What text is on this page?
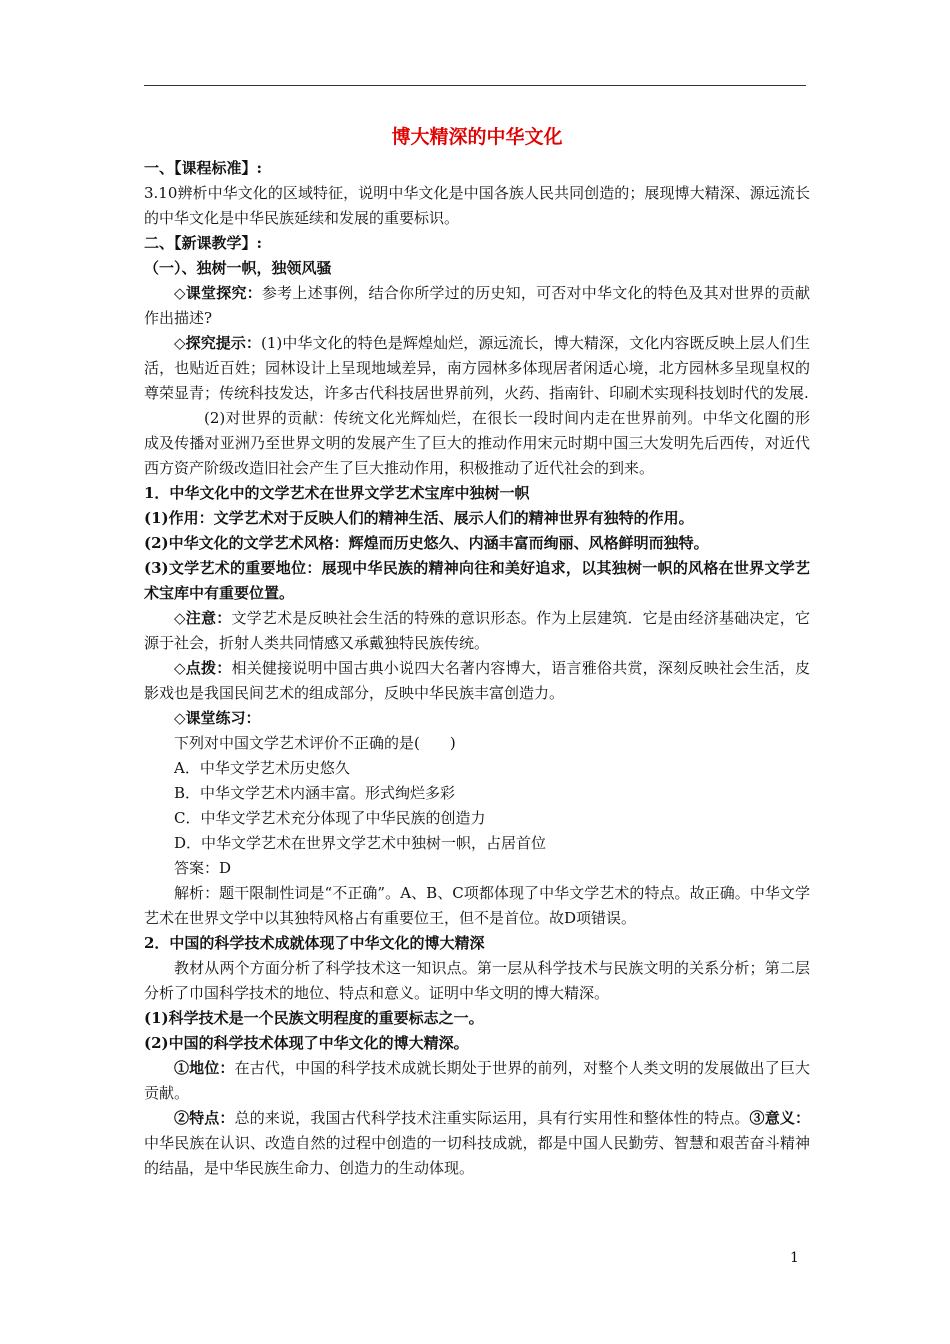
博大精深的中华文化

一、【课程标准】:

3.10辨析中华文化的区域特征，说明中华文化是中国各族人民共同创造的；展现博大精深、源远流长的中华文化是中华民族延续和发展的重要标识。

二、【新课教学】:

（一）、独树一帜，独领风骚

◇课堂探究：参考上述事例，结合你所学过的历史知，可否对中华文化的特色及其对世界的贡献作出描述?

◇探究提示：(1)中华文化的特色是辉煌灿烂，源远流长，博大精深，文化内容既反映上层人们生活，也贴近百姓；园林设计上呈现地域差异，南方园林多体现居者闲适心境，北方园林多呈现皇权的尊荣显青；传统科技发达，许多古代科技居世界前列，火药、指南针、印刷术实现科技划时代的发展.

(2)对世界的贡献：传统文化光辉灿烂，在很长一段时间内走在世界前列。中华文化圈的形成及传播对亚洲乃至世界文明的发展产生了巨大的推动作用宋元时期中国三大发明先后西传，对近代西方资产阶级改造旧社会产生了巨大推动作用，积极推动了近代社会的到来。

1．中华文化中的文学艺术在世界文学艺术宝库中独树一帜

(1)作用：文学艺术对于反映人们的精神生活、展示人们的精神世界有独特的作用。

(2)中华文化的文学艺术风格：辉煌而历史悠久、内涵丰富而绚丽、风格鲜明而独特。

(3)文学艺术的重要地位：展现中华民族的精神向往和美好追求，以其独树一帜的风格在世界文学艺术宝库中有重要位置。

◇注意：文学艺术是反映社会生活的特殊的意识形态。作为上层建筑．它是由经济基础决定，它源于社会，折射人类共同情感又承戴独特民族传统。

◇点拨：相关健接说明中国古典小说四大名著内容博大，语言雅俗共赏，深刻反映社会生活，皮影戏也是我国民间艺术的组成部分，反映中华民族丰富创造力。

◇课堂练习：

下列对中国文学艺术评价不正确的是(　　)

A．中华文学艺术历史悠久

B．中华文学艺术内涵丰富。形式绚烂多彩

C．中华文学艺术充分体现了中华民族的创造力

D．中华文学艺术在世界文学艺术中独树一帜，占居首位

答案：D

解析：题干限制性词是“不正确”。A、B、C项都体现了中华文学艺术的特点。故正确。中华文学艺术在世界文学中以其独特风格占有重要位王，但不是首位。故D项错误。

2．中国的科学技术成就体现了中华文化的博大精深

教材从两个方面分析了科学技术这一知识点。第一层从科学技术与民族文明的关系分析；第二层分析了巾国科学技术的地位、特点和意义。证明中华文明的博大精深。

(1)科学技术是一个民族文明程度的重要标志之一。

(2)中国的科学技术体现了中华文化的博大精深。

①地位：在古代，中国的科学技术成就长期处于世界的前列，对整个人类文明的发展做出了巨大贡献。

②特点：总的来说，我国古代科学技术注重实际运用，具有行实用性和整体性的特点。③意义：中华民族在认识、改造自然的过程中创造的一切科技成就，都是中国人民勤劳、智慧和艰苦奋斗精神的结晶，是中华民族生命力、创造力的生动体现。

1
